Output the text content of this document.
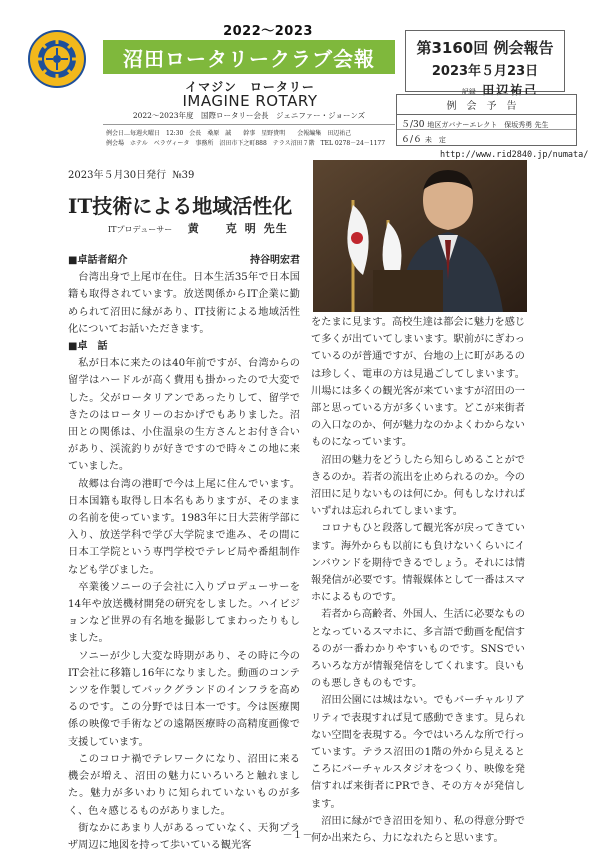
2022～2023
沼田ロータリークラブ会報
イマジン　ロータリー
IMAGINE ROTARY
第3160回 例会報告
2023年５月23日
記録 田辺祐己
2022～2023年度　国際ロータリー会長　ジェニファー・ジョーンズ
例会日…毎週火曜日　12:30　会長　桑原　誠　　幹事　星野貴明　　会報編集　田辺祐己
例会場　ホテル　ベラヴィータ　事務所　沼田市下之町888　テラス沼田７階　TEL 0278－24－1177
例会予告
５/30 地区ガバナーエレクト　保坂秀勇 先生
６/６ 未　定
http://www.rid2840.jp/numata/
2023年５月30日発行 №39
IT技術による地域活性化
ITプロデューサー 黄　克明先生
■卓話者紹介	持谷明宏君

台湾出身で上尾市在住。日本生活35年で日本国籍も取得されています。放送関係からIT企業に勤められて沼田に縁があり、IT技術による地域活性化についてお話いただきます。

■卓　話

私が日本に来たのは40年前ですが、台湾からの留学はハードルが高く費用も掛かったので大変でした。父がロータリアンであったりして、留学できたのはロータリーのおかげでもありました。沼田との関係は、小住温泉の生方さんとお付き合いがあり、渓流釣りが好きですので時々この地に来ていました。

故郷は台湾の港町で今は上尾に住んでいます。日本国籍も取得し日本名もありますが、そのままの名前を使っています。1983年に日大芸術学部に入り、放送学科で学び大学院まで進み、その間に日本工学院という専門学校でテレビ局や番組制作なども学びました。

卒業後ソニーの子会社に入りプロデューサーを14年や放送機材開発の研究をしました。ハイビジョンなど世界の有名地を撮影してまわったりもしました。

ソニーが少し大変な時期があり、その時に今のIT会社に移籍し16年になりました。動画のコンテンツを作製してバックグランドのインフラを高めるのです。この分野では日本一です。今は医療関係の映像で手術などの遠隔医療時の高精度画像で支援しています。

このコロナ禍でテレワークになり、沼田に来る機会が増え、沼田の魅力にいろいろと触れました。魅力が多いわりに知られていないものが多く、色々感じるものがありました。

街なかにあまり人があるっていなく、天狗プラザ周辺に地図を持って歩いている観光客

をたまに見ます。高校生達は都会に魅力を感じて多くが出ていてしまいます。駅前がにぎわっているのが普通ですが、台地の上に町があるのは珍しく、電車の方は見過ごしてしまいます。川場には多くの観光客が来ていますが沼田の一部と思っている方が多くいます。どこが来街者の入口なのか、何が魅力なのかよくわからないものになっています。

沼田の魅力をどうしたら知らしめることができるのか。若者の流出を止められるのか。今の沼田に足りないものは何にか。何もしなければいずれは忘れられてしまいます。

コロナもひと段落して観光客が戻ってきています。海外からも以前にも負けないくらいにインバウンドを期待できるでしょう。それには情報発信が必要です。情報媒体として一番はスマホによるものです。

若者から高齢者、外国人、生活に必要なものとなっているスマホに、多言語で動画を配信するのが一番わかりやすいものです。SNSでいろいろな方が情報発信をしてくれます。良いものも悪しきものもです。

沼田公園には城はない。でもバーチャルリアリティで表現すれば見て感動できます。見られない空間を表現する。今ではいろんな所で行っています。テラス沼田の1階の外から見えるところにバーチャルスタジオをつくり、映像を発信すれば来街者にPRでき、その方々が発信します。

沼田に縁ができ沼田を知り、私の得意分野で何か出来たら、力になれたらと思います。

－１－
